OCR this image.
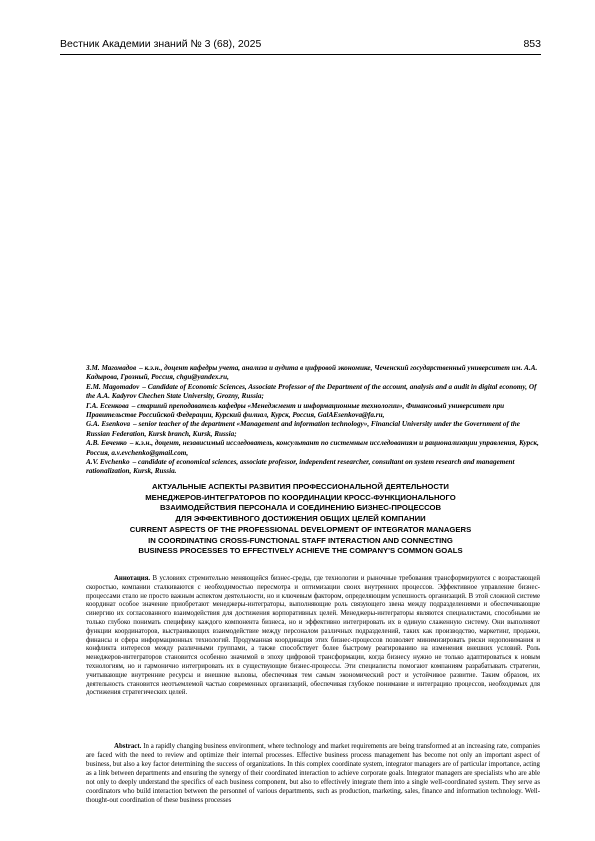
Вестник Академии знаний № 3 (68), 2025	853

З.М. Магомадов – к.э.н., доцент кафедры учета, анализа и аудита в цифровой экономике, Чеченский государственный университет им. А.А. Кадырова, Грозный, Россия, chgu@yandex.ru,

E.M. Magomadov – Candidate of Economic Sciences, Associate Professor of the Department of the account, analysis and a audit in digital economy, Of the A.A. Kadyrov Chechen State University, Grozny, Russia;

Г.А. Есенкова – старший преподаватель кафедры «Менеджмент и информационные технологии», Финансовый университет при Правительстве Российской Федерации, Курский филиал, Курск, Россия, GalAEsenkova@fa.ru,

G.A. Esenkova – senior teacher of the department «Management and information technology», Financial University under the Government of the Russian Federation, Kursk branch, Kursk, Russia;

А.В. Евченко – к.э.н., доцент, независимый исследователь, консультант по системным исследованиям и рационализации управления, Курск, Россия, a.v.evchenko@gmail.com,

A.V. Evchenko – candidate of economical sciences, associate professor, independent researcher, consultant on system research and management rationalization, Kursk, Russia.

АКТУАЛЬНЫЕ АСПЕКТЫ РАЗВИТИЯ ПРОФЕССИОНАЛЬНОЙ ДЕЯТЕЛЬНОСТИ

МЕНЕДЖЕРОВ-ИНТЕГРАТОРОВ ПО КООРДИНАЦИИ КРОСС-ФУНКЦИОНАЛЬНОГО

ВЗАИМОДЕЙСТВИЯ ПЕРСОНАЛА И СОЕДИНЕНИЮ БИЗНЕС-ПРОЦЕССОВ

ДЛЯ ЭФФЕКТИВНОГО ДОСТИЖЕНИЯ ОБЩИХ ЦЕЛЕЙ КОМПАНИИ

CURRENT ASPECTS OF THE PROFESSIONAL DEVELOPMENT OF INTEGRATOR MANAGERS

IN COORDINATING CROSS-FUNCTIONAL STAFF INTERACTION AND CONNECTING

BUSINESS PROCESSES TO EFFECTIVELY ACHIEVE THE COMPANY'S COMMON GOALS

Аннотация. В условиях стремительно меняющейся бизнес-среды, где технологии и рыночные требования трансформируются с возрастающей скоростью, компании сталкиваются с необходимостью пересмотра и оптимизации своих внутренних процессов. Эффективное управление бизнес-процессами стало не просто важным аспектом деятельности, но и ключевым фактором, определяющим успешность организаций. В этой сложной системе координат особое значение приобретают менеджеры-интеграторы, выполняющие роль связующего звена между подразделениями и обеспечивающие синергию их согласованного взаимодействия для достижения корпоративных целей. Менеджеры-интеграторы являются специалистами, способными не только глубоко понимать специфику каждого компонента бизнеса, но и эффективно интегрировать их в единую слаженную систему. Они выполняют функции координаторов, выстраивающих взаимодействие между персоналом различных подразделений, таких как производство, маркетинг, продажи, финансы и сфера информационных технологий. Продуманная координация этих бизнес-процессов позволяет минимизировать риски недопонимания и конфликта интересов между различными группами, а также способствует более быстрому реагированию на изменения внешних условий. Роль менеджеров-интеграторов становится особенно значимой в эпоху цифровой трансформации, когда бизнесу нужно не только адаптироваться к новым технологиям, но и гармонично интегрировать их в существующие бизнес-процессы. Эти специалисты помогают компаниям разрабатывать стратегии, учитывающие внутренние ресурсы и внешние вызовы, обеспечивая тем самым экономический рост и устойчивое развитие. Таким образом, их деятельность становится неотъемлемой частью современных организаций, обеспечивая глубокое понимание и интеграцию процессов, необходимых для достижения стратегических целей.

Abstract. In a rapidly changing business environment, where technology and market requirements are being transformed at an increasing rate, companies are faced with the need to review and optimize their internal processes. Effective business process management has become not only an important aspect of business, but also a key factor determining the success of organizations. In this complex coordinate system, integrator managers are of particular importance, acting as a link between departments and ensuring the synergy of their coordinated interaction to achieve corporate goals. Integrator managers are specialists who are able not only to deeply understand the specifics of each business component, but also to effectively integrate them into a single well-coordinated system. They serve as coordinators who build interaction between the personnel of various departments, such as production, marketing, sales, finance and information technology. Well-thought-out coordination of these business processes
